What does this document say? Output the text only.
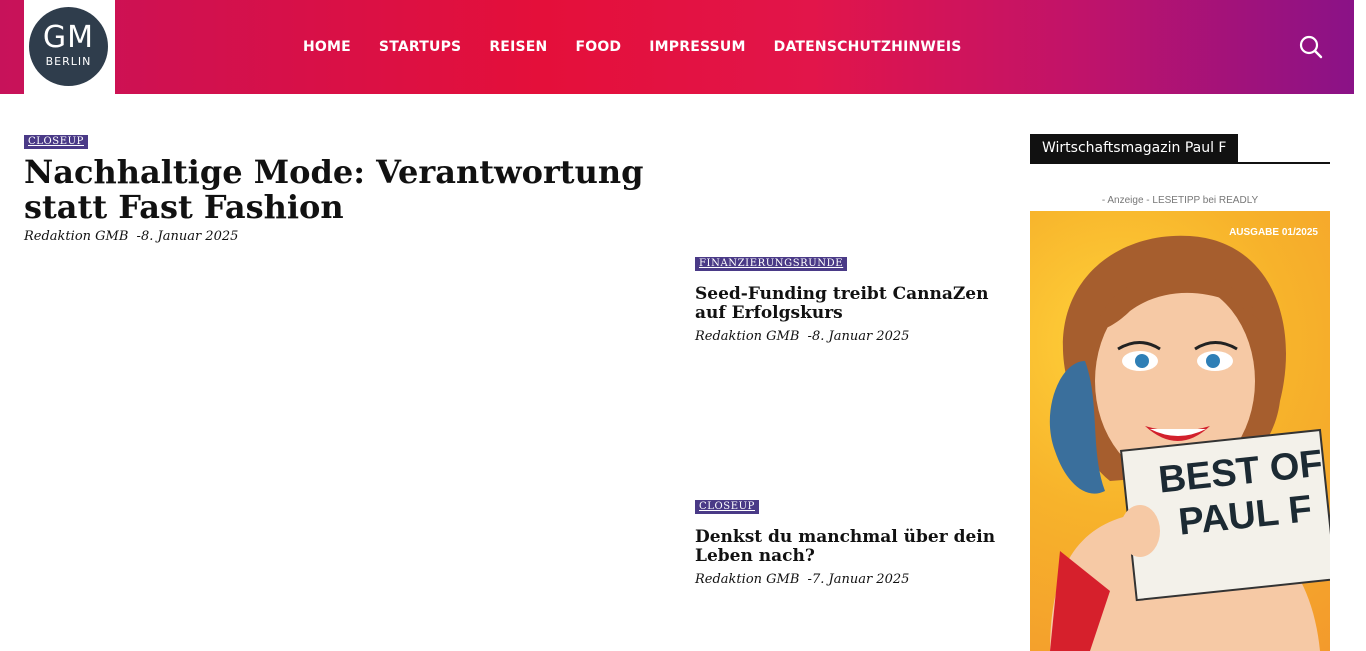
GM
BERLIN
HOME STARTUPS REISEN FOOD IMPRESSUM DATENSCHUTZHINWEIS
CLOSEUP
Nachhaltige Mode: Verantwortung statt Fast Fashion
Redaktion GMB -8. Januar 2025
FINANZIERUNGSRUNDE
Seed-Funding treibt CannaZen auf Erfolgskurs
Redaktion GMB -8. Januar 2025
CLOSEUP
Denkst du manchmal über dein Leben nach?
Redaktion GMB -7. Januar 2025
Wirtschaftsmagazin Paul F
- Anzeige - LESETIPP bei READLY
AUSGABE 01/2025
BEST OF
PAUL F
